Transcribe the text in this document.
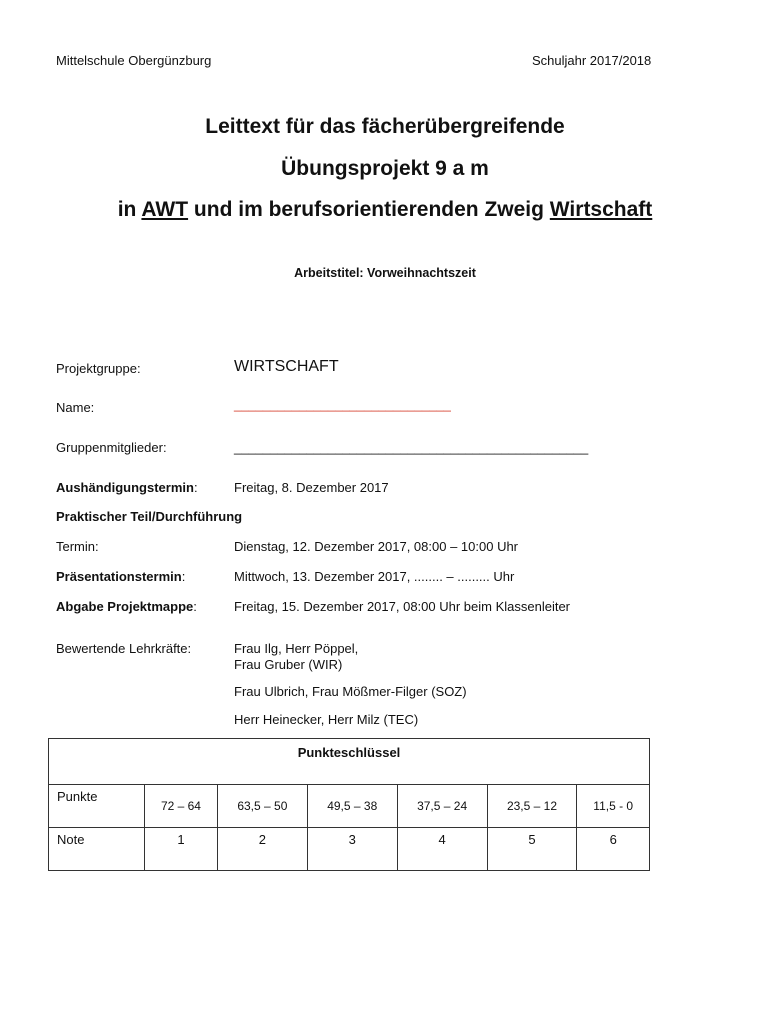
Mittelschule Obergünzburg	Schuljahr 2017/2018
Leittext für das fächerübergreifende
Übungsprojekt 9 a m
in AWT und im berufsorientierenden Zweig Wirtschaft
Arbeitstitel: Vorweihnachtszeit
Projektgruppe:	WIRTSCHAFT
Name:	______________________________
Gruppenmitglieder:	_________________________________________________
Aushändigungstermin:	Freitag, 8. Dezember 2017
Praktischer Teil/Durchführung
Termin:	Dienstag, 12. Dezember 2017, 08:00 – 10:00 Uhr
Präsentationstermin:	Mittwoch, 13. Dezember 2017, ........ – ......... Uhr
Abgabe Projektmappe:	Freitag, 15. Dezember 2017, 08:00 Uhr beim Klassenleiter
Bewertende Lehrkräfte:	Frau Ilg, Herr Pöppel,
Frau Gruber (WIR)
Frau Ulbrich, Frau Mößmer-Filger (SOZ)
Herr Heinecker, Herr Milz (TEC)
Punkteschlüssel						
Punkte	72 – 64	63,5 – 50	49,5 – 38	37,5 – 24	23,5 – 12	11,5 - 0
Note	1	2	3	4	5	6
